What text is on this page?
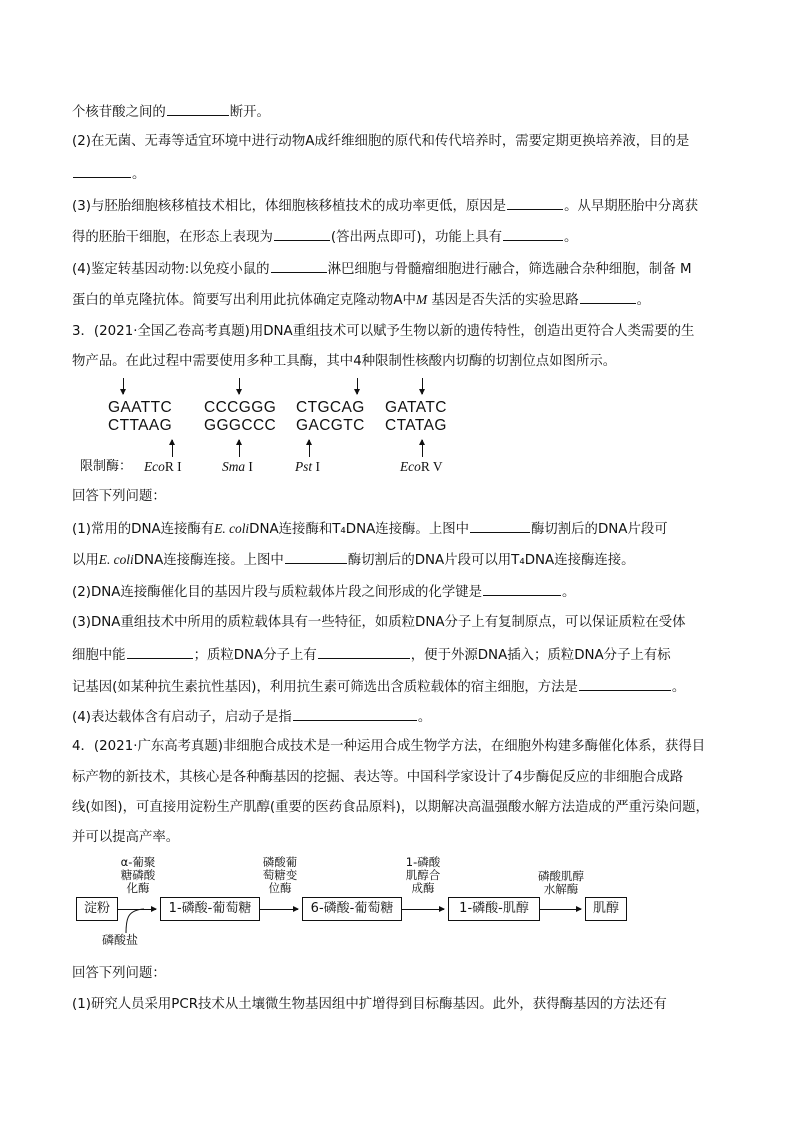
个核苷酸之间的	断开。
(2)在无菌、无毒等适宜环境中进行动物A成纤维细胞的原代和传代培养时，需要定期更换培养液，目的是
。
(3)与胚胎细胞核移植技术相比，体细胞核移植技术的成功率更低，原因是	。从早期胚胎中分离获
得的胚胎干细胞，在形态上表现为	(答出两点即可)，功能上具有	。
(4)鉴定转基因动物:以免疫小鼠的	淋巴细胞与骨髓瘤细胞进行融合，筛选融合杂种细胞，制备 M
蛋白的单克隆抗体。简要写出利用此抗体确定克隆动物A中M 基因是否失活的实验思路	。
3．(2021·全国乙卷高考真题)用DNA重组技术可以赋予生物以新的遗传特性，创造出更符合人类需要的生
物产品。在此过程中需要使用多种工具酶，其中4种限制性核酸内切酶的切割位点如图所示。
GAATTC
CTTAAG
CCCGGG
GGGCCC
CTGCAG
GACGTC
GATATC
CTATAG
限制酶： EcoR I	Sma I	Pst I	EcoR V
回答下列问题：
(1)常用的DNA连接酶有E. coliDNA连接酶和T₄DNA连接酶。上图中	酶切割后的DNA片段可
以用E. coliDNA连接酶连接。上图中	酶切割后的DNA片段可以用T₄DNA连接酶连接。
(2)DNA连接酶催化目的基因片段与质粒载体片段之间形成的化学键是	。
(3)DNA重组技术中所用的质粒载体具有一些特征，如质粒DNA分子上有复制原点，可以保证质粒在受体
细胞中能	；质粒DNA分子上有	，便于外源DNA插入；质粒DNA分子上有标
记基因(如某种抗生素抗性基因)，利用抗生素可筛选出含质粒载体的宿主细胞，方法是	。
(4)表达载体含有启动子，启动子是指	。
4．(2021·广东高考真题)非细胞合成技术是一种运用合成生物学方法，在细胞外构建多酶催化体系，获得目
标产物的新技术，其核心是各种酶基因的挖掘、表达等。中国科学家设计了4步酶促反应的非细胞合成路
线(如图)，可直接用淀粉生产肌醇(重要的医药食品原料)，以期解决高温强酸水解方法造成的严重污染问题，
并可以提高产率。
淀粉	1-磷酸-葡萄糖	6-磷酸-葡萄糖	1-磷酸-肌醇	肌醇
α-葡聚
糖磷酸
化酶
磷酸葡
萄糖变
位酶
1-磷酸
肌醇合
成酶
磷酸肌醇
水解酶
磷酸盐
回答下列问题：
(1)研究人员采用PCR技术从土壤微生物基因组中扩增得到目标酶基因。此外，获得酶基因的方法还有
